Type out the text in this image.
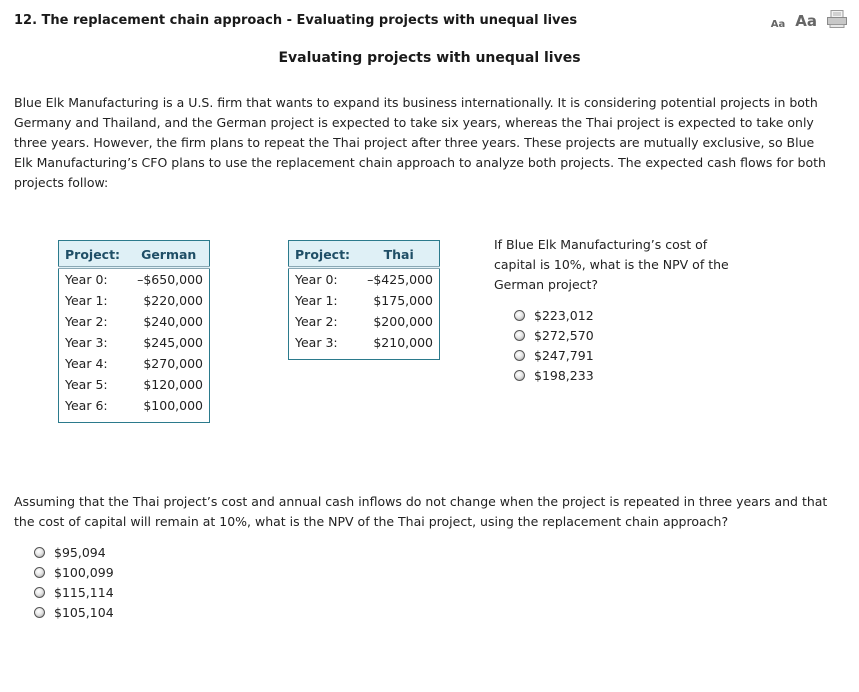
12. The replacement chain approach - Evaluating projects with unequal lives	Aa Aa
Evaluating projects with unequal lives
Blue Elk Manufacturing is a U.S. firm that wants to expand its business internationally. It is considering potential projects in both Germany and Thailand, and the German project is expected to take six years, whereas the Thai project is expected to take only three years. However, the firm plans to repeat the Thai project after three years. These projects are mutually exclusive, so Blue Elk Manufacturing’s CFO plans to use the replacement chain approach to analyze both projects. The expected cash flows for both projects follow:
Project:	German
Year 0:	–$650,000
Year 1:	$220,000
Year 2:	$240,000
Year 3:	$245,000
Year 4:	$270,000
Year 5:	$120,000
Year 6:	$100,000
Project:	Thai
Year 0:	–$425,000
Year 1:	$175,000
Year 2:	$200,000
Year 3:	$210,000
If Blue Elk Manufacturing’s cost of capital is 10%, what is the NPV of the German project?
$223,012
$272,570
$247,791
$198,233
Assuming that the Thai project’s cost and annual cash inflows do not change when the project is repeated in three years and that the cost of capital will remain at 10%, what is the NPV of the Thai project, using the replacement chain approach?
$95,094
$100,099
$115,114
$105,104
